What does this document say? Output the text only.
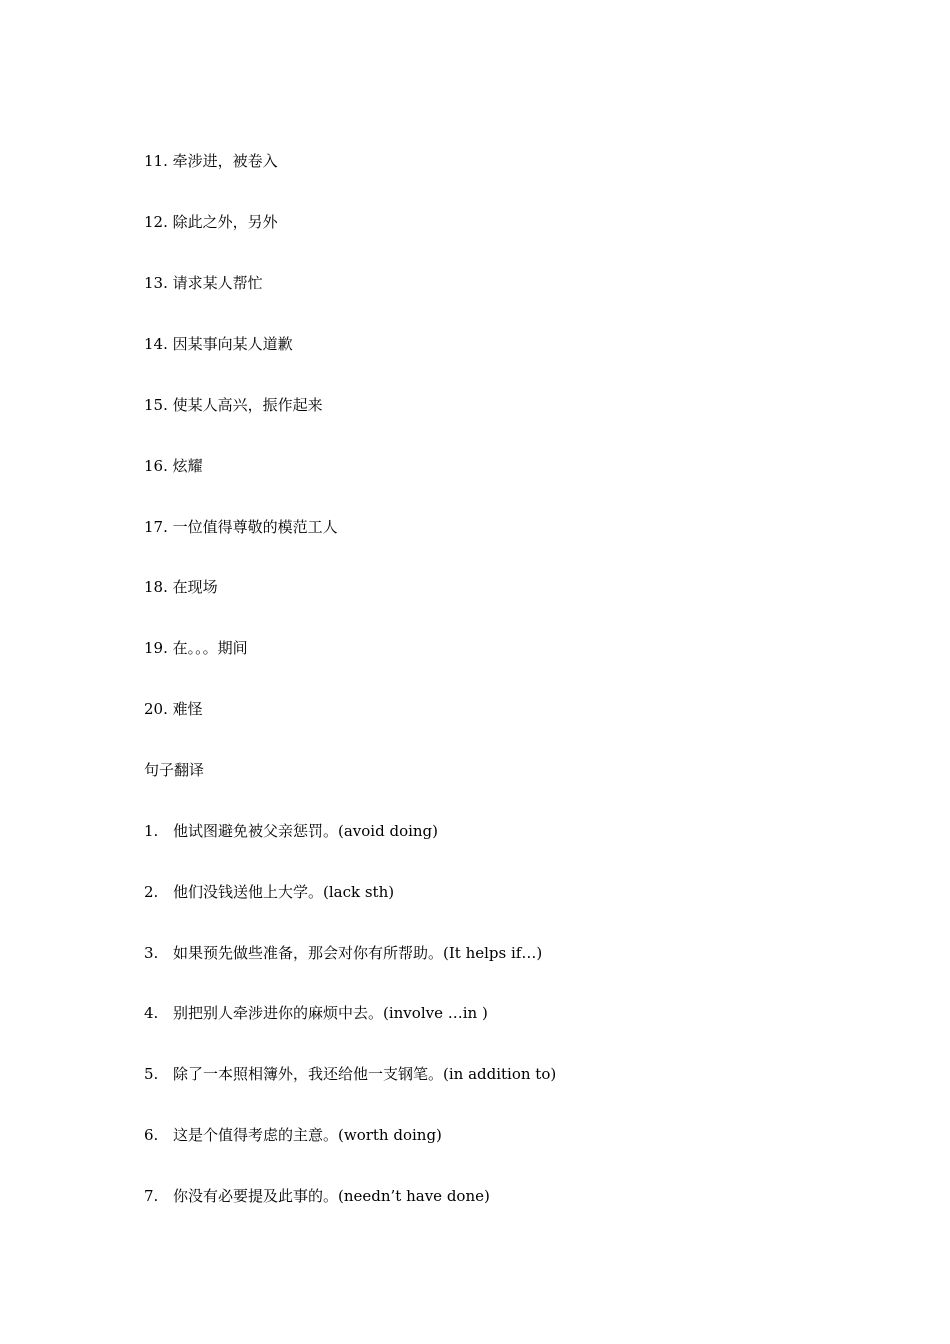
11. 牵涉进，被卷入
12. 除此之外，另外
13. 请求某人帮忙
14. 因某事向某人道歉
15. 使某人高兴，振作起来
16. 炫耀
17. 一位值得尊敬的模范工人
18. 在现场
19. 在。。。期间
20. 难怪
句子翻译
1. 他试图避免被父亲惩罚。(avoid doing)
2. 他们没钱送他上大学。(lack sth)
3. 如果预先做些准备，那会对你有所帮助。(It helps if…)
4. 别把别人牵涉进你的麻烦中去。(involve …in )
5. 除了一本照相簿外，我还给他一支钢笔。(in addition to)
6. 这是个值得考虑的主意。(worth doing)
7. 你没有必要提及此事的。(needn’t have done)
